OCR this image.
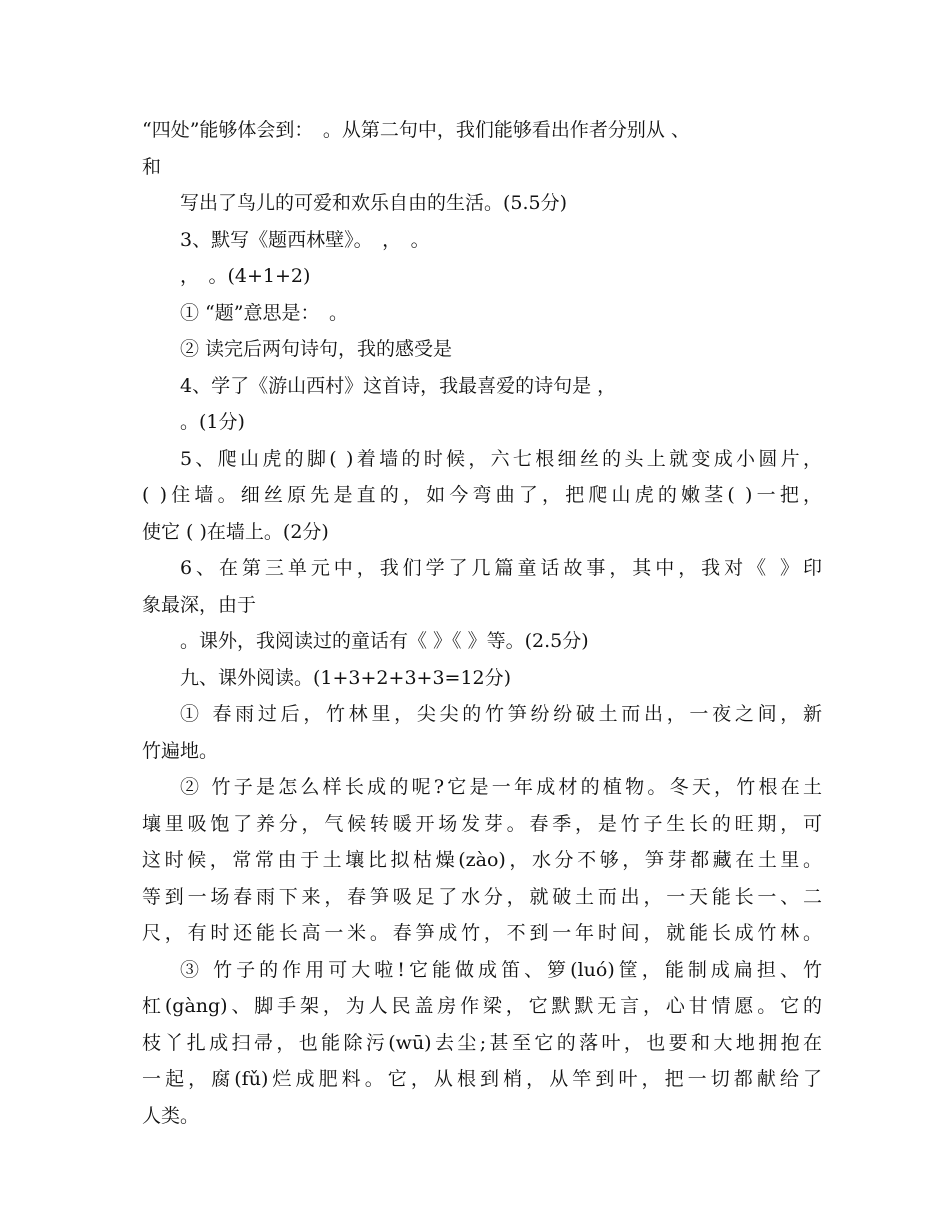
“四处”能够体会到：　。从第二句中，我们能够看出作者分别从 、
和
写出了鸟儿的可爱和欢乐自由的生活。(5.5分)
3、默写《题西林壁》。　，　。
，　。(4+1+2)
① “题”意思是：　。
② 读完后两句诗句，我的感受是
4、学了《游山西村》这首诗，我最喜爱的诗句是 ，
。(1分)
5、爬山虎的脚( )着墙的时候，六七根细丝的头上就变成小圆片，
( )住墙。细丝原先是直的，如今弯曲了，把爬山虎的嫩茎( )一把，
使它 ( )在墙上。(2分)
6、在第三单元中，我们学了几篇童话故事，其中，我对《 》印
象最深，由于
。课外，我阅读过的童话有《 》《 》等。(2.5分)
九、课外阅读。(1+3+2+3+3=12分)
① 春雨过后，竹林里，尖尖的竹笋纷纷破土而出，一夜之间，新
竹遍地。
② 竹子是怎么样长成的呢?它是一年成材的植物。冬天，竹根在土
壤里吸饱了养分，气候转暖开场发芽。春季，是竹子生长的旺期，可
这时候，常常由于土壤比拟枯燥(zào)，水分不够，笋芽都藏在土里。
等到一场春雨下来，春笋吸足了水分，就破土而出，一天能长一、二
尺，有时还能长高一米。春笋成竹，不到一年时间，就能长成竹林。
③ 竹子的作用可大啦!它能做成笛、箩(luó)筐，能制成扁担、竹
杠(gàng)、脚手架，为人民盖房作梁，它默默无言，心甘情愿。它的
枝丫扎成扫帚，也能除污(wū)去尘;甚至它的落叶，也要和大地拥抱在
一起，腐(fǔ)烂成肥料。它，从根到梢，从竿到叶，把一切都献给了
人类。
